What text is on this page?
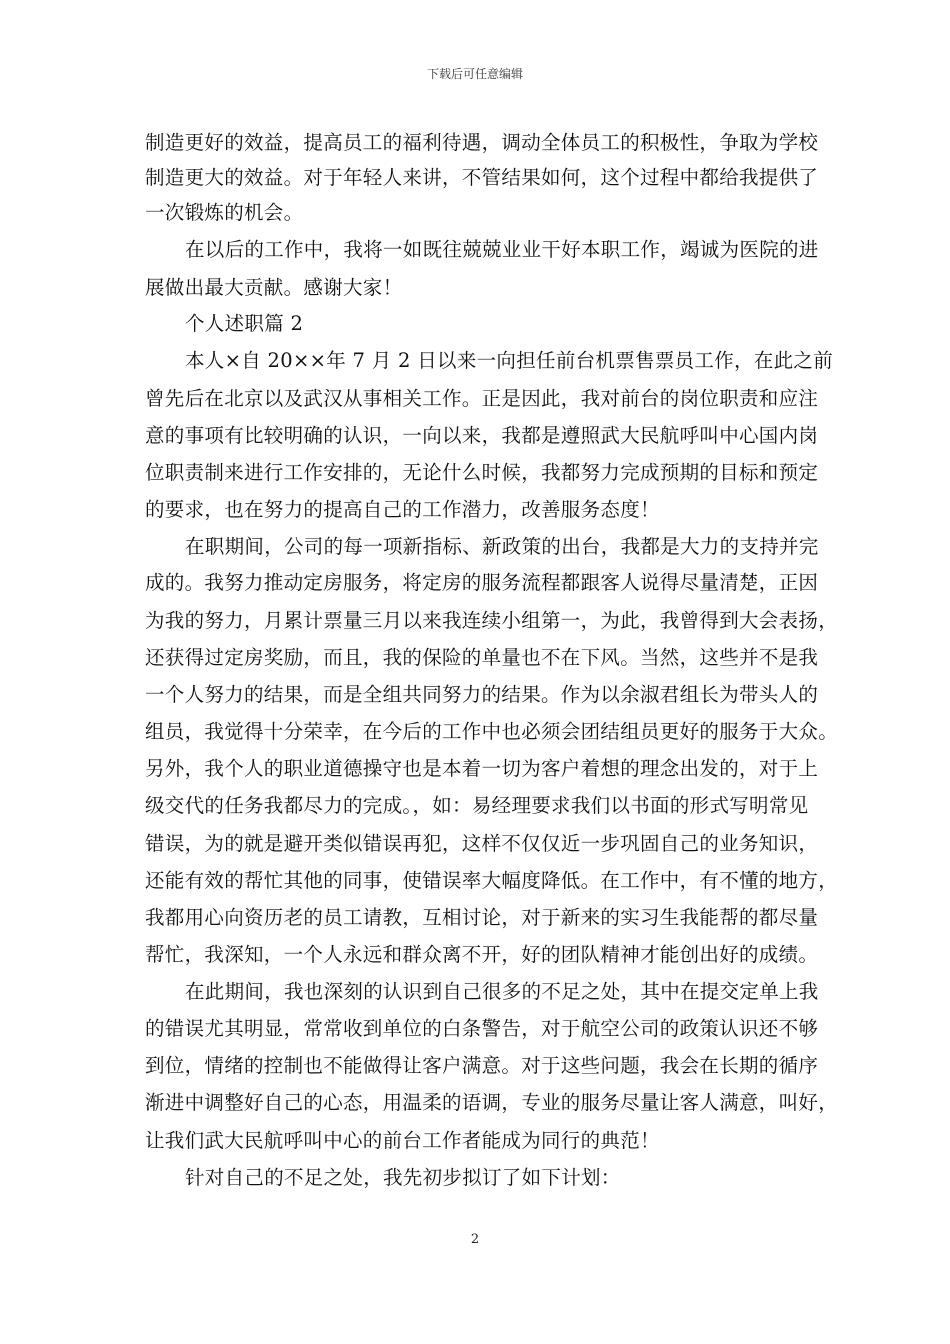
下载后可任意编辑
制造更好的效益，提高员工的福利待遇，调动全体员工的积极性，争取为学校
制造更大的效益。对于年轻人来讲，不管结果如何，这个过程中都给我提供了
一次锻炼的机会。
在以后的工作中，我将一如既往兢兢业业干好本职工作，竭诚为医院的进
展做出最大贡献。感谢大家！
个人述职篇 2
本人×自 20××年 7 月 2 日以来一向担任前台机票售票员工作，在此之前
曾先后在北京以及武汉从事相关工作。正是因此，我对前台的岗位职责和应注
意的事项有比较明确的认识，一向以来，我都是遵照武大民航呼叫中心国内岗
位职责制来进行工作安排的，无论什么时候，我都努力完成预期的目标和预定
的要求，也在努力的提高自己的工作潜力，改善服务态度！
在职期间，公司的每一项新指标、新政策的出台，我都是大力的支持并完
成的。我努力推动定房服务，将定房的服务流程都跟客人说得尽量清楚，正因
为我的努力，月累计票量三月以来我连续小组第一，为此，我曾得到大会表扬，
还获得过定房奖励，而且，我的保险的单量也不在下风。当然，这些并不是我
一个人努力的结果，而是全组共同努力的结果。作为以余淑君组长为带头人的
组员，我觉得十分荣幸，在今后的工作中也必须会团结组员更好的服务于大众。
另外，我个人的职业道德操守也是本着一切为客户着想的理念出发的，对于上
级交代的任务我都尽力的完成。，如：易经理要求我们以书面的形式写明常见
错误，为的就是避开类似错误再犯，这样不仅仅近一步巩固自己的业务知识，
还能有效的帮忙其他的同事，使错误率大幅度降低。在工作中，有不懂的地方，
我都用心向资历老的员工请教，互相讨论，对于新来的实习生我能帮的都尽量
帮忙，我深知，一个人永远和群众离不开，好的团队精神才能创出好的成绩。
在此期间，我也深刻的认识到自己很多的不足之处，其中在提交定单上我
的错误尤其明显，常常收到单位的白条警告，对于航空公司的政策认识还不够
到位，情绪的控制也不能做得让客户满意。对于这些问题，我会在长期的循序
渐进中调整好自己的心态，用温柔的语调，专业的服务尽量让客人满意，叫好，
让我们武大民航呼叫中心的前台工作者能成为同行的典范！
针对自己的不足之处，我先初步拟订了如下计划：
2
